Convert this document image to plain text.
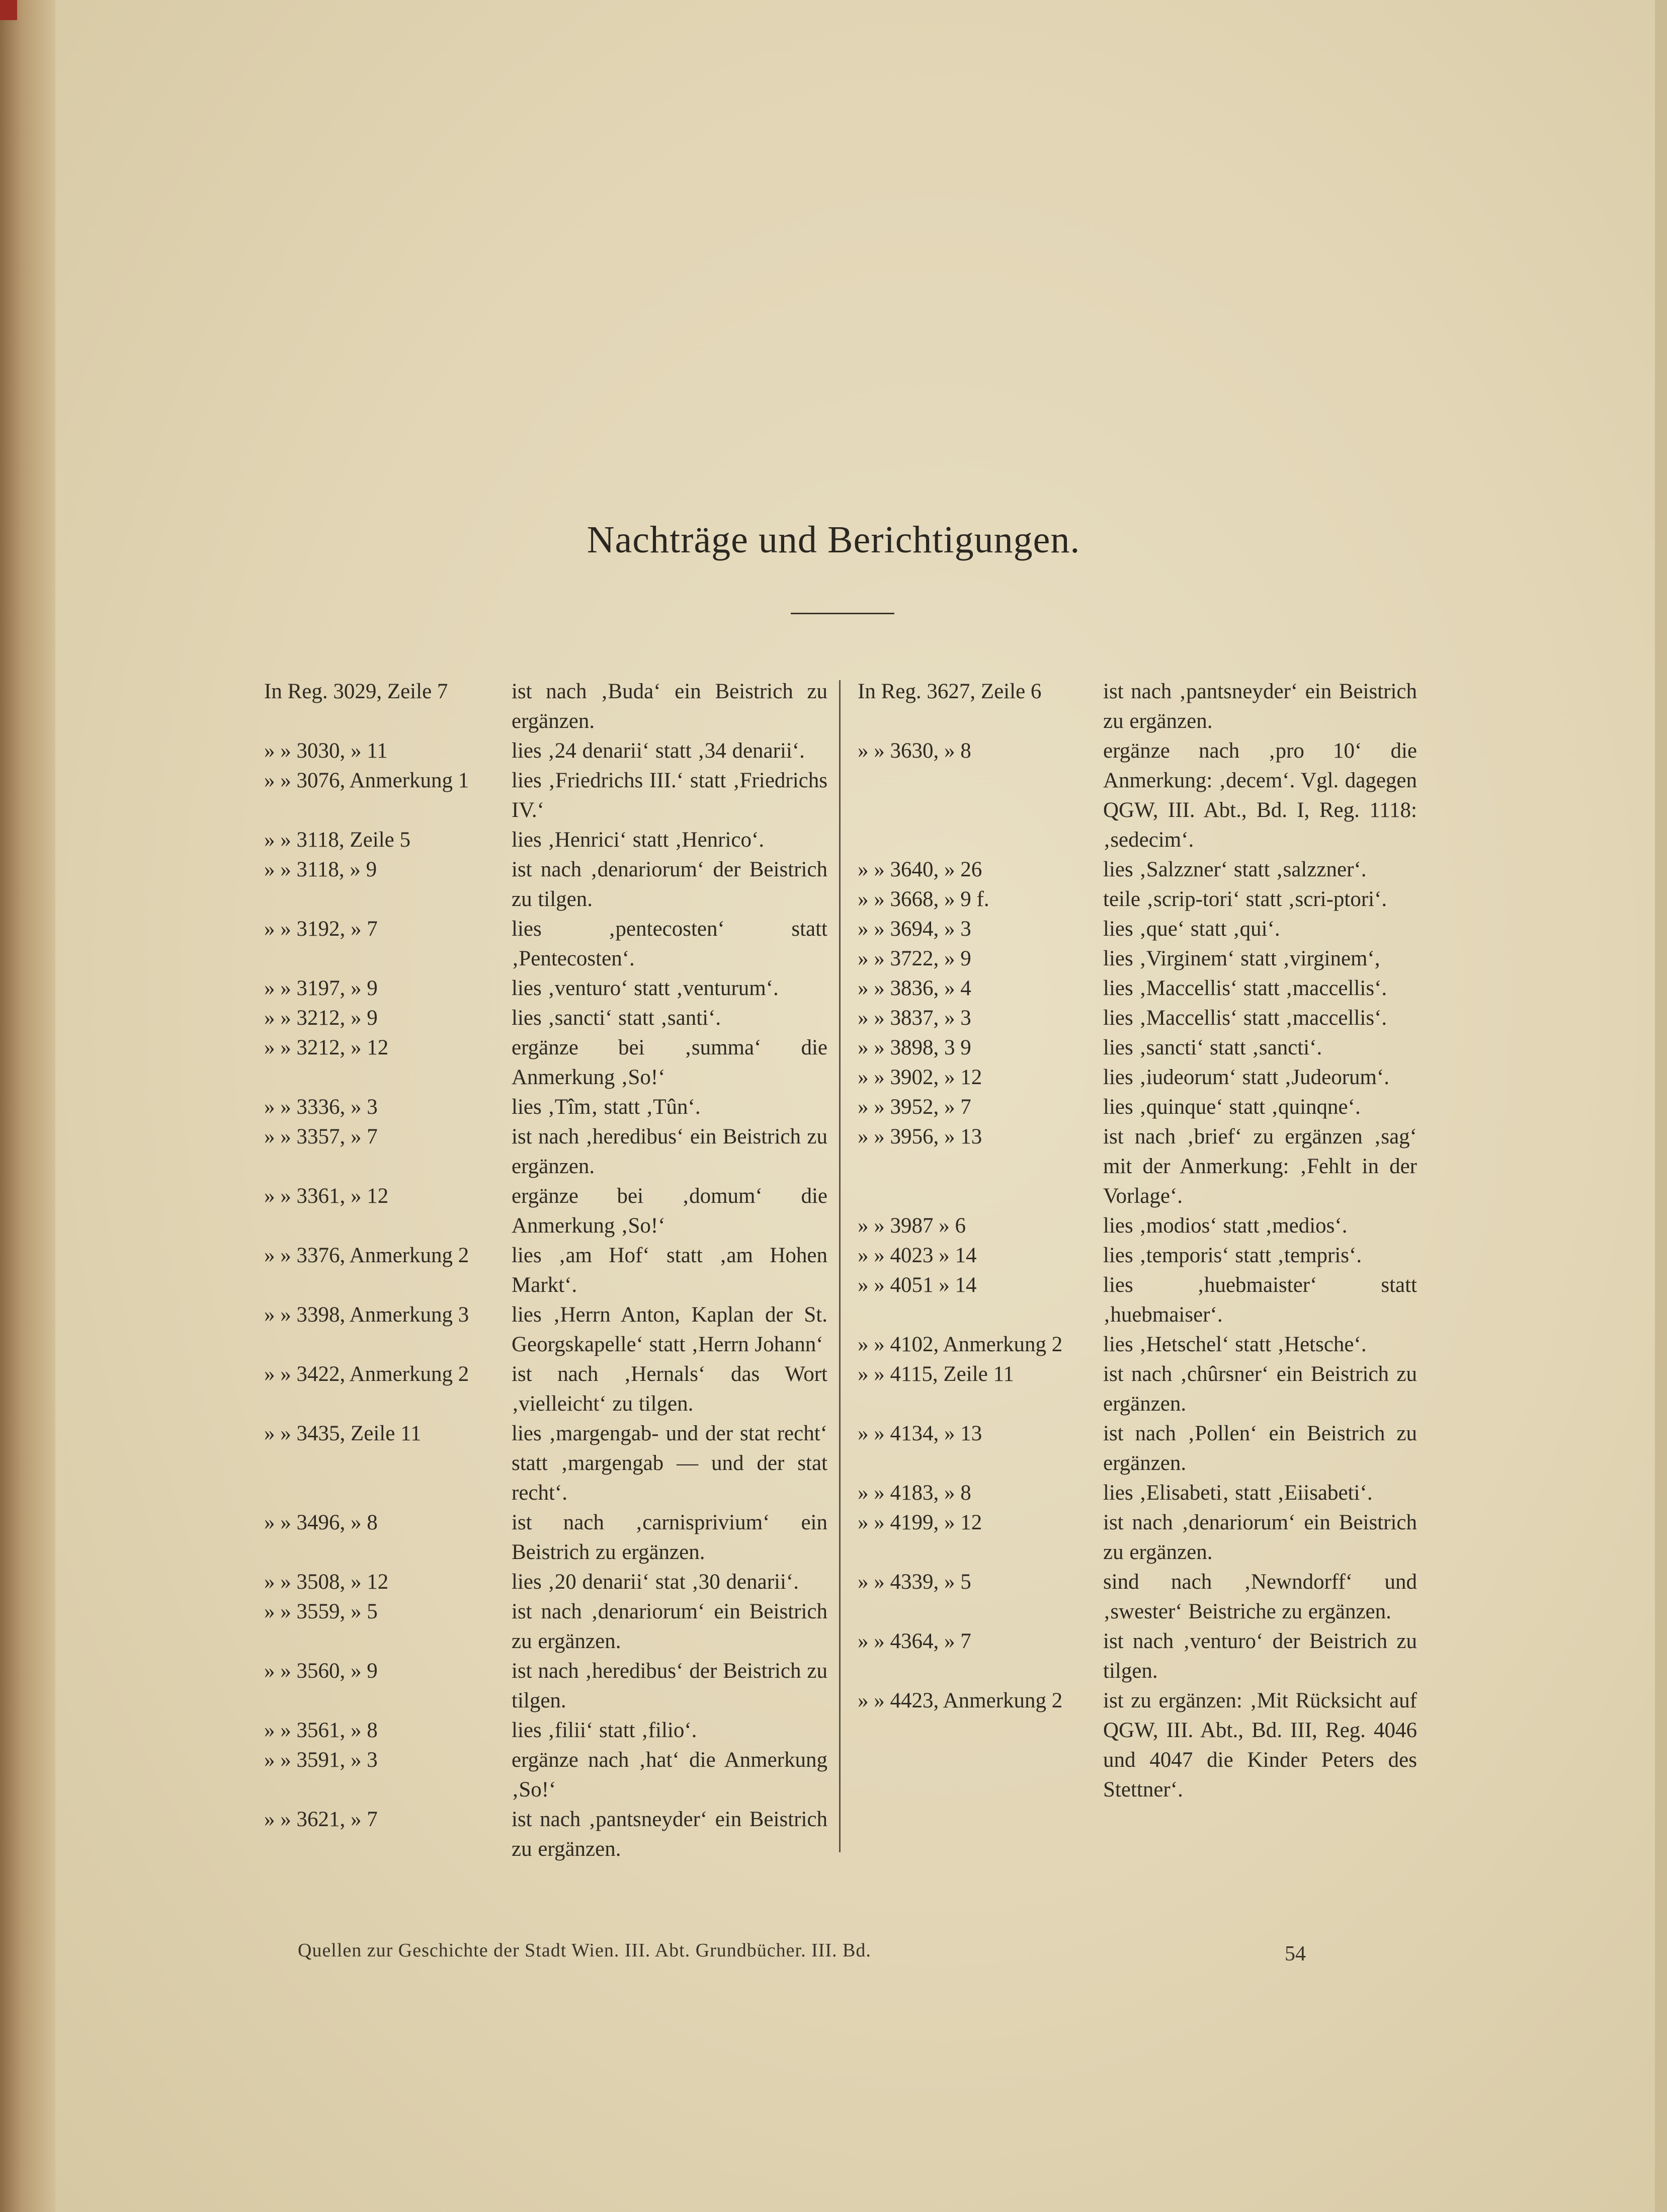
Nachträge und Berichtigungen.
In Reg. 3029, Zeile 7	ist nach ‚Buda‘ ein Beistrich zu ergänzen.
» » 3030, » 11	lies ‚24 denarii‘ statt ‚34 denarii‘.
» » 3076, Anmerkung 1 lies ‚Friedrichs III.‘ statt ‚Friedrichs IV.‘
» » 3118, Zeile 5	lies ‚Henrici‘ statt ‚Henrico‘.
» » 3118, » 9	ist nach ‚denariorum‘ der Beistrich zu tilgen.
» » 3192, » 7	lies ‚pentecosten‘ statt ‚Pentecosten‘.
» » 3197, » 9	lies ‚venturo‘ statt ‚venturum‘.
» » 3212, » 9	lies ‚sancti‘ statt ‚santi‘.
» » 3212, » 12	ergänze bei ‚summa‘ die Anmerkung ‚So!‘
» » 3336, » 3	lies ‚Tîm‚ statt ‚Tûn‘.
» » 3357, » 7	ist nach ‚heredibus‘ ein Beistrich zu ergänzen.
» » 3361, » 12	ergänze bei ‚domum‘ die Anmerkung ‚So!‘
» » 3376, Anmerkung 2 lies ‚am Hof‘ statt ‚am Hohen Markt‘.
» » 3398, Anmerkung 3 lies ‚Herrn Anton, Kaplan der St. Georgskapelle‘ statt ‚Herrn Johann‘
» » 3422, Anmerkung 2 ist nach ‚Hernals‘ das Wort ‚vielleicht‘ zu tilgen.
» » 3435, Zeile 11	lies ‚margengab- und der stat recht‘ statt ‚margengab — und der stat recht‘.
» » 3496, » 8	ist nach ‚carnisprivium‘ ein Beistrich zu ergänzen.
» » 3508, » 12	lies ‚20 denarii‘ stat ‚30 denarii‘.
» » 3559, » 5	ist nach ‚denariorum‘ ein Beistrich zu ergänzen.
» » 3560, » 9	ist nach ‚heredibus‘ der Beistrich zu tilgen.
» » 3561, » 8	lies ‚filii‘ statt ‚filio‘.
» » 3591, » 3	ergänze nach ‚hat‘ die Anmerkung ‚So!‘
» » 3621, » 7	ist nach ‚pantsneyder‘ ein Beistrich zu ergänzen.
In Reg. 3627, Zeile 6	ist nach ‚pantsneyder‘ ein Beistrich zu ergänzen.
» » 3630, » 8	ergänze nach ‚pro 10‘ die Anmerkung: ‚decem‘. Vgl. dagegen QGW, III. Abt., Bd. I, Reg. 1118: ‚sedecim‘.
» » 3640, » 26	lies ‚Salzzner‘ statt ‚salzzner‘.
» » 3668, » 9 f.	teile ‚scrip-tori‘ statt ‚scri-ptori‘.
» » 3694, » 3	lies ‚que‘ statt ‚qui‘.
» » 3722, » 9	lies ‚Virginem‘ statt ‚virginem‘,
» » 3836, » 4	lies ‚Maccellis‘ statt ‚maccellis‘.
» » 3837, » 3	lies ‚Maccellis‘ statt ‚maccellis‘.
» » 3898, 3 9	lies ‚sancti‘ statt ‚sancti‘.
» » 3902, » 12	lies ‚iudeorum‘ statt ‚Judeorum‘.
» » 3952, » 7	lies ‚quinque‘ statt ‚quinqne‘.
» » 3956, » 13	ist nach ‚brief‘ zu ergänzen ‚sag‘ mit der Anmerkung: ‚Fehlt in der Vorlage‘.
» » 3987 » 6	lies ‚modios‘ statt ‚medios‘.
» » 4023 » 14	lies ‚temporis‘ statt ‚tempris‘.
» » 4051 » 14	lies ‚huebmaister‘ statt ‚huebmaiser‘.
» » 4102, Anmerkung 2 lies ‚Hetschel‘ statt ‚Hetsche‘.
» » 4115, Zeile 11	ist nach ‚chûrsner‘ ein Beistrich zu ergänzen.
» » 4134, » 13	ist nach ‚Pollen‘ ein Beistrich zu ergänzen.
» » 4183, » 8	lies ‚Elisabeti‚ statt ‚Eiisabeti‘.
» » 4199, » 12	ist nach ‚denariorum‘ ein Beistrich zu ergänzen.
» » 4339, » 5	sind nach ‚Newndorff‘ und ‚swester‘ Beistriche zu ergänzen.
» » 4364, » 7	ist nach ‚venturo‘ der Beistrich zu tilgen.
» » 4423, Anmerkung 2 ist zu ergänzen: ‚Mit Rücksicht auf QGW, III. Abt., Bd. III, Reg. 4046 und 4047 die Kinder Peters des Stettner‘.
Quellen zur Geschichte der Stadt Wien. III. Abt. Grundbücher. III. Bd.	54
